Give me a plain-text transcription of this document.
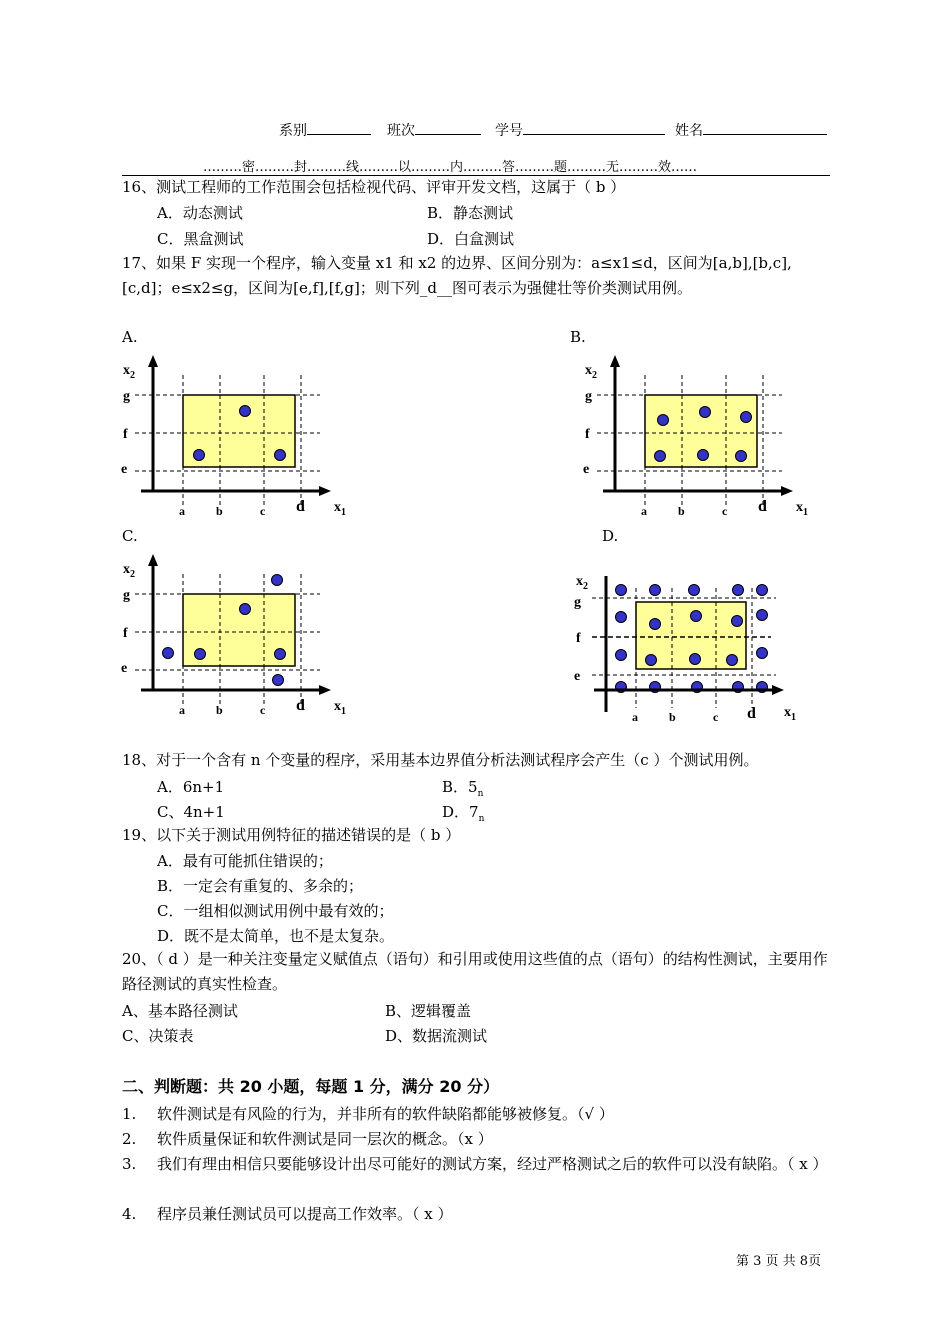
系别	班次	学号	姓名
………密………封………线………以………内………答………题………无………效……
16、测试工程师的工作范围会包括检视代码、评审开发文档，这属于（ b ）
A．动态测试	B．静态测试
C．黑盒测试	D．白盒测试
17、如果 F 实现一个程序，输入变量 x1 和 x2 的边界、区间分别为：a≤x1≤d，区间为[a,b],[b,c],[c,d]；e≤x2≤g，区间为[e,f],[f,g]；则下列_d__图可表示为强健壮等价类测试用例。
A.	B.
C.	D.
$x_2$
g
f
e
a	b	c d $x_1$
$x_2$
g
f
e
a	b	c d $x_1$
$x_2$
g
f
e
a	b	c d $x_1$
$x_2$
g
f
e
a	b	c d $x_1$
18、对于一个含有 n 个变量的程序，采用基本边界值分析法测试程序会产生（c ）个测试用例。
A．6n+1	B．$5_n$
C、4n+1	D．$7_n$
19、以下关于测试用例特征的描述错误的是（ b ）
A．最有可能抓住错误的；
B．一定会有重复的、多余的；
C．一组相似测试用例中最有效的；
D．既不是太简单，也不是太复杂。
20、（ d ）是一种关注变量定义赋值点（语句）和引用或使用这些值的点（语句）的结构性测试，主要用作路径测试的真实性检查。
A、基本路径测试	B、逻辑覆盖
C、决策表	D、数据流测试
二、判断题：共 20 小题，每题 1 分，满分 20 分）
1. 软件测试是有风险的行为，并非所有的软件缺陷都能够被修复。（√ ）
2. 软件质量保证和软件测试是同一层次的概念。（x ）
3. 我们有理由相信只要能够设计出尽可能好的测试方案，经过严格测试之后的软件可以没有缺陷。（ x ）
4. 程序员兼任测试员可以提高工作效率。（ x ）
第 3 页 共 8页
